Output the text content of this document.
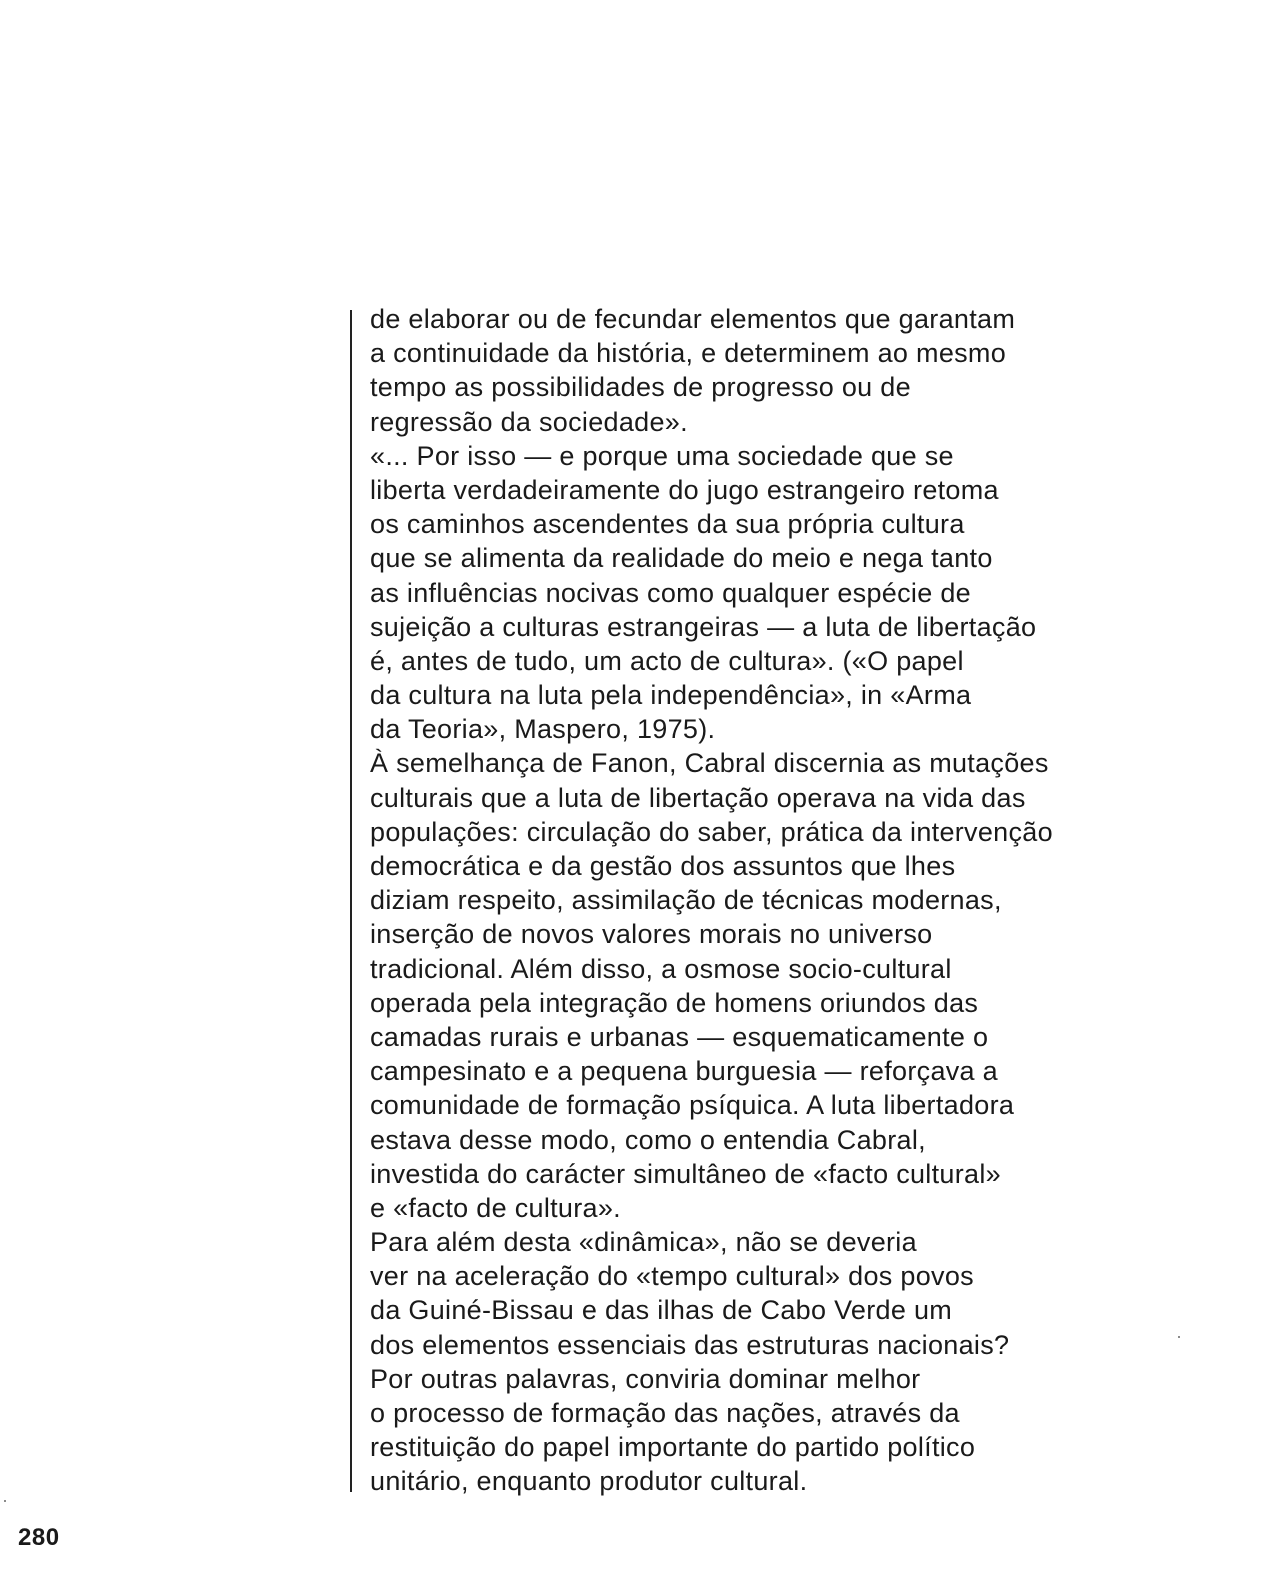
de elaborar ou de fecundar elementos que garantam
a continuidade da história, e determinem ao mesmo
tempo as possibilidades de progresso ou de
regressão da sociedade».
«... Por isso — e porque uma sociedade que se
liberta verdadeiramente do jugo estrangeiro retoma
os caminhos ascendentes da sua própria cultura
que se alimenta da realidade do meio e nega tanto
as influências nocivas como qualquer espécie de
sujeição a culturas estrangeiras — a luta de libertação
é, antes de tudo, um acto de cultura». («O papel
da cultura na luta pela independência», in «Arma
da Teoria», Maspero, 1975).
À semelhança de Fanon, Cabral discernia as mutações
culturais que a luta de libertação operava na vida das
populações: circulação do saber, prática da intervenção
democrática e da gestão dos assuntos que lhes
diziam respeito, assimilação de técnicas modernas,
inserção de novos valores morais no universo
tradicional. Além disso, a osmose socio-cultural
operada pela integração de homens oriundos das
camadas rurais e urbanas — esquematicamente o
campesinato e a pequena burguesia — reforçava a
comunidade de formação psíquica. A luta libertadora
estava desse modo, como o entendia Cabral,
investida do carácter simultâneo de «facto cultural»
e «facto de cultura».
Para além desta «dinâmica», não se deveria
ver na aceleração do «tempo cultural» dos povos
da Guiné-Bissau e das ilhas de Cabo Verde um
dos elementos essenciais das estruturas nacionais?
Por outras palavras, conviria dominar melhor
o processo de formação das nações, através da
restituição do papel importante do partido político
unitário, enquanto produtor cultural.
280
